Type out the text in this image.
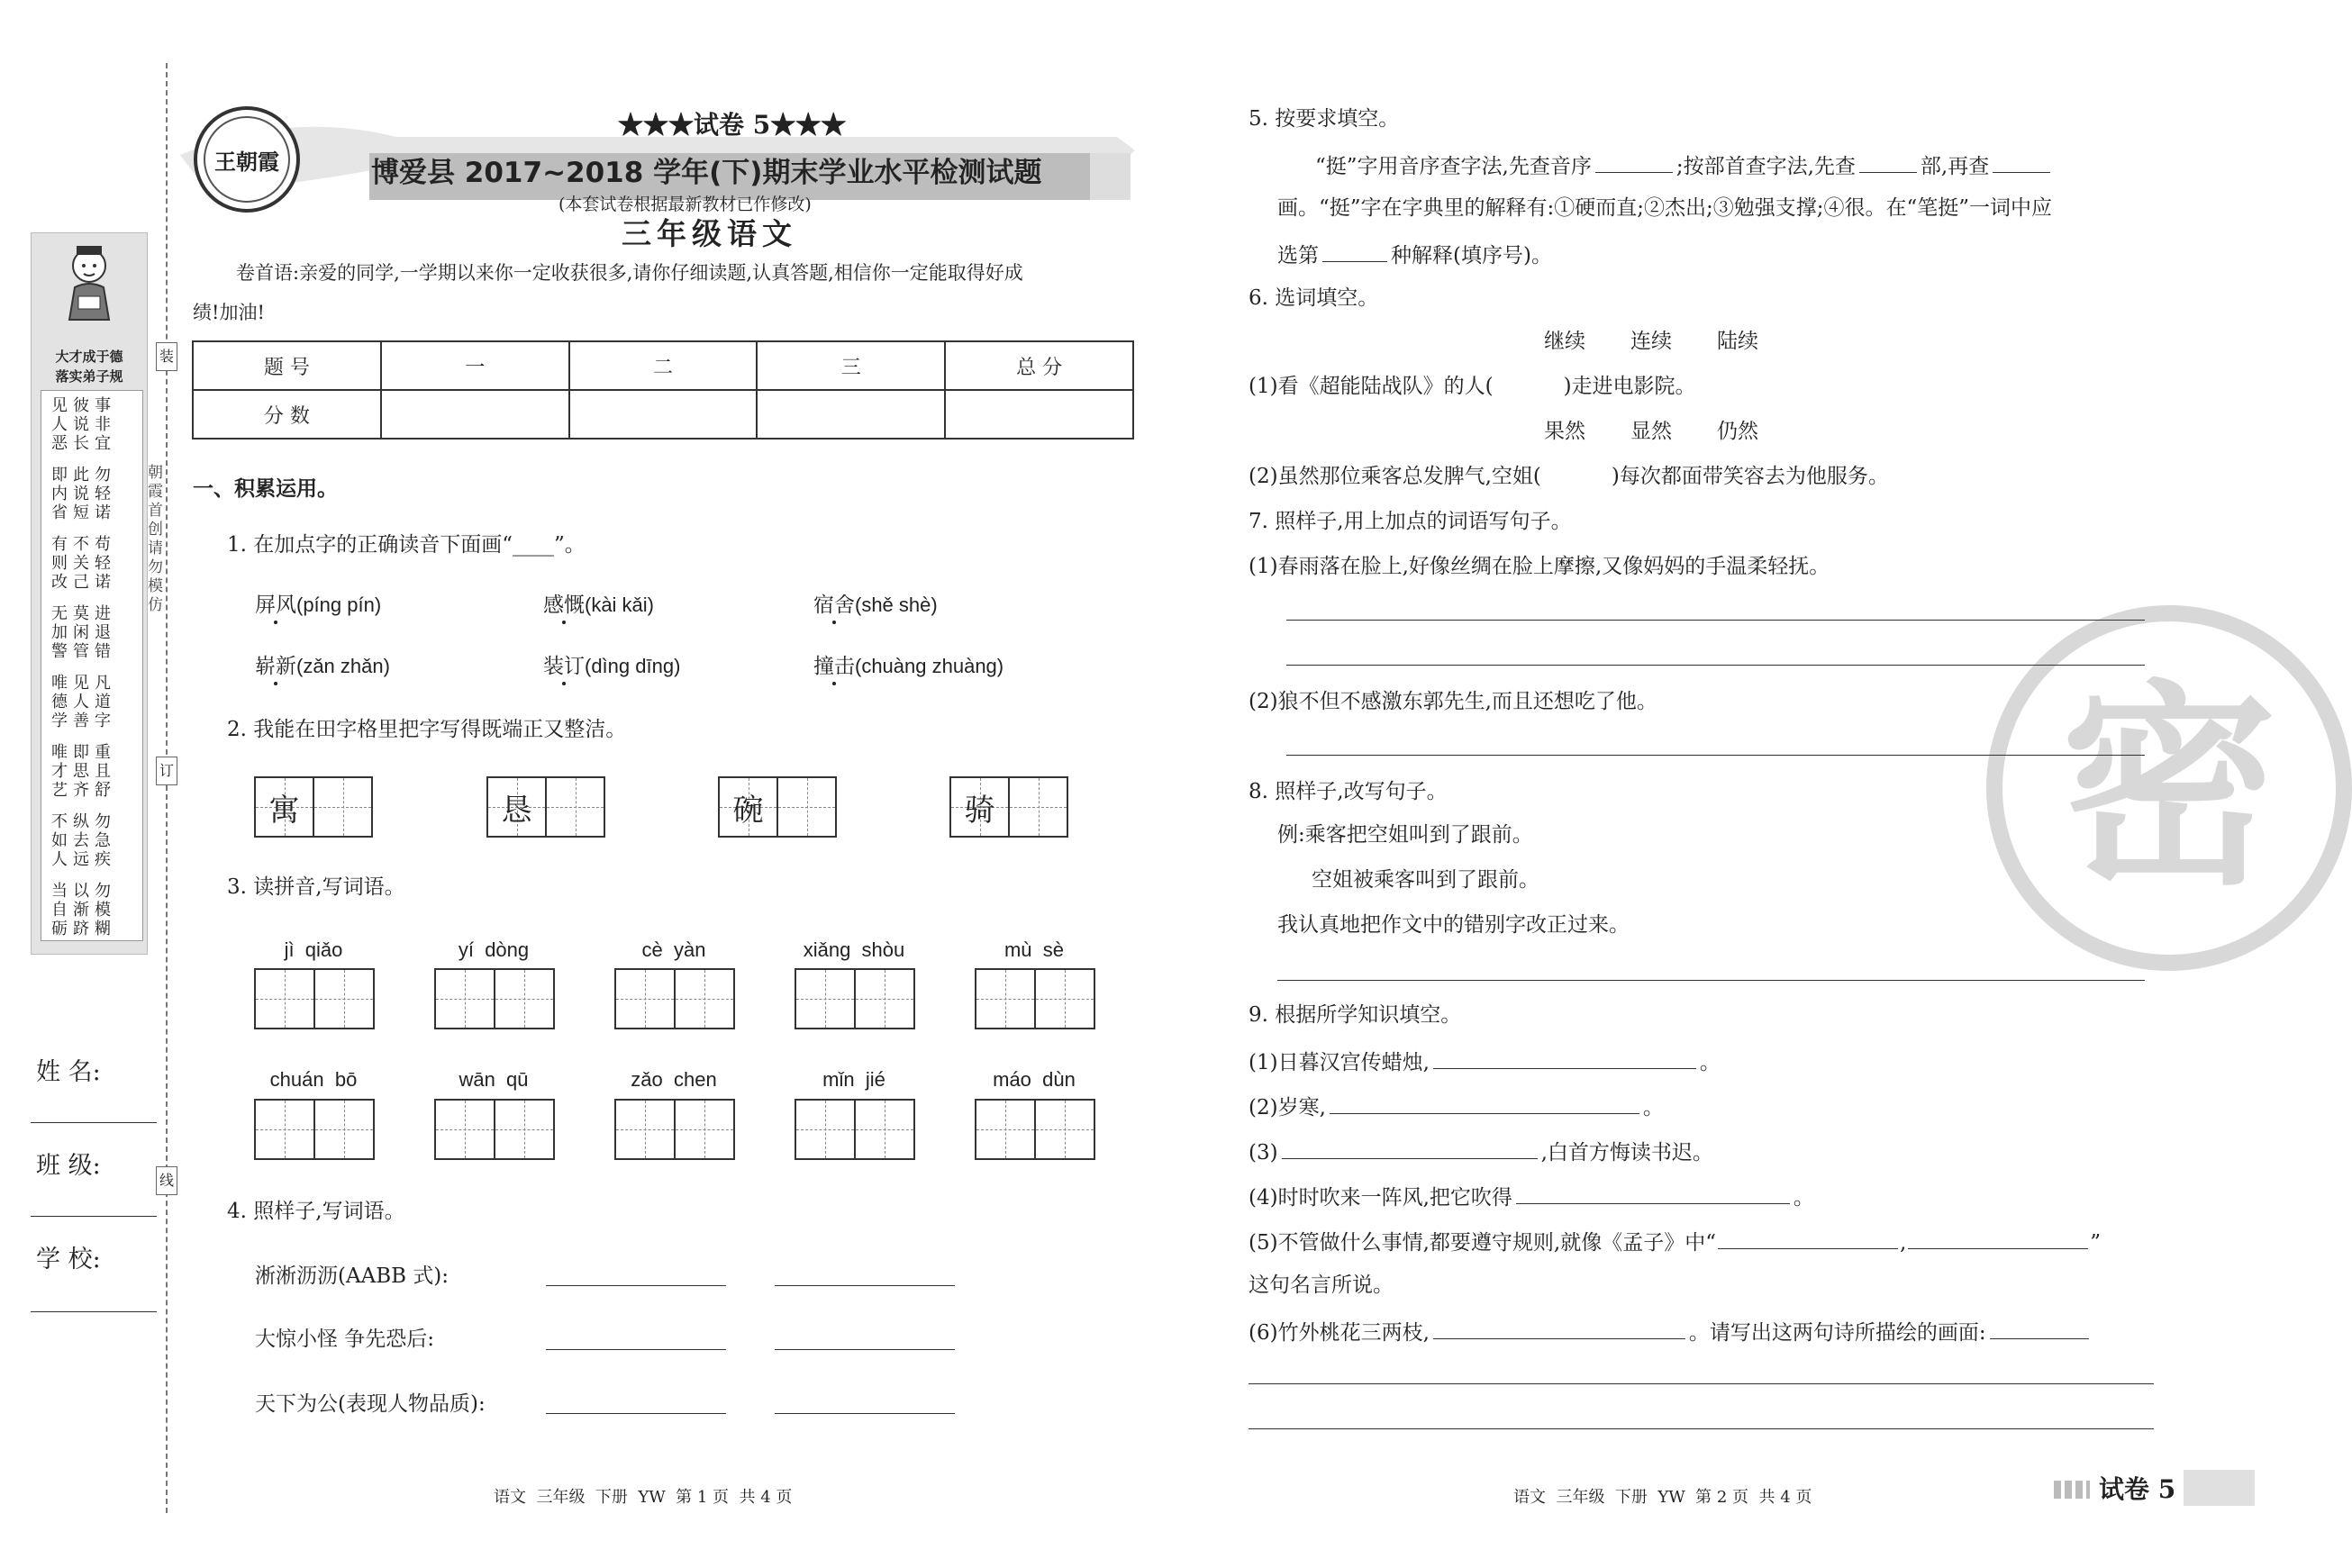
装
订
线
朝霞首创 请勿模仿
大才成于德
落实弟子规
见人恶
彼说长
事非宜
即内省
此说短
勿轻诺
有则改
不关己
苟轻诺
无加警
莫闲管
进退错
唯德学
见人善
凡道字
唯才艺
即思齐
重且舒
不如人
纵去远
勿急疾
当自砺
以渐跻
勿模糊
姓 名:
班 级:
学 校:
王朝霞
★★★试卷 5★★★
博爱县 2017~2018 学年(下)期末学业水平检测试题
(本套试卷根据最新教材已作修改)
三年级语文
卷首语:亲爱的同学,一学期以来你一定收获很多,请你仔细读题,认真答题,相信你一定能取得好成
绩!加油!
题 号	一	二	三	总 分
分 数				
一、积累运用。
1. 在加点字的正确读音下面画“____”。
屏风(píng pín)	感慨(kài kǎi)	宿舍(shě shè)
崭新(zǎn zhǎn)	装订(dìng dīng)	撞击(chuàng zhuàng)
2. 我能在田字格里把字写得既端正又整洁。
寓	恳	碗	骑
3. 读拼音,写词语。
jì  qiǎo	yí  dòng	cè  yàn	xiǎng  shòu	mù  sè
chuán  bō	wān  qū	zǎo  chen	mǐn  jié	máo  dùn
4. 照样子,写词语。
淅淅沥沥(AABB 式):
大惊小怪 争先恐后:
天下为公(表现人物品质):
语文  三年级  下册  YW  第 1 页  共 4 页
密
5. 按要求填空。
“挺”字用音序查字法,先查音序	;按部首查字法,先查	部,再查
画。“挺”字在字典里的解释有:①硬而直;②杰出;③勉强支撑;④很。在“笔挺”一词中应
选第	种解释(填序号)。
6. 选词填空。
继续 连续 陆续
(1)看《超能陆战队》的人(	)走进电影院。
果然 显然 仍然
(2)虽然那位乘客总发脾气,空姐(	)每次都面带笑容去为他服务。
7. 照样子,用上加点的词语写句子。
(1)春雨落在脸上,好像丝绸在脸上摩擦,又像妈妈的手温柔轻抚。
(2)狼不但不感激东郭先生,而且还想吃了他。
8. 照样子,改写句子。
例:乘客把空姐叫到了跟前。
空姐被乘客叫到了跟前。
我认真地把作文中的错别字改正过来。
9. 根据所学知识填空。
(1)日暮汉宫传蜡烛,	。
(2)岁寒,	。
(3)	,白首方悔读书迟。
(4)时时吹来一阵风,把它吹得	。
(5)不管做什么事情,都要遵守规则,就像《孟子》中“	,	”
这句名言所说。
(6)竹外桃花三两枝,	。请写出这两句诗所描绘的画面:
语文  三年级  下册  YW  第 2 页  共 4 页	试卷 5
